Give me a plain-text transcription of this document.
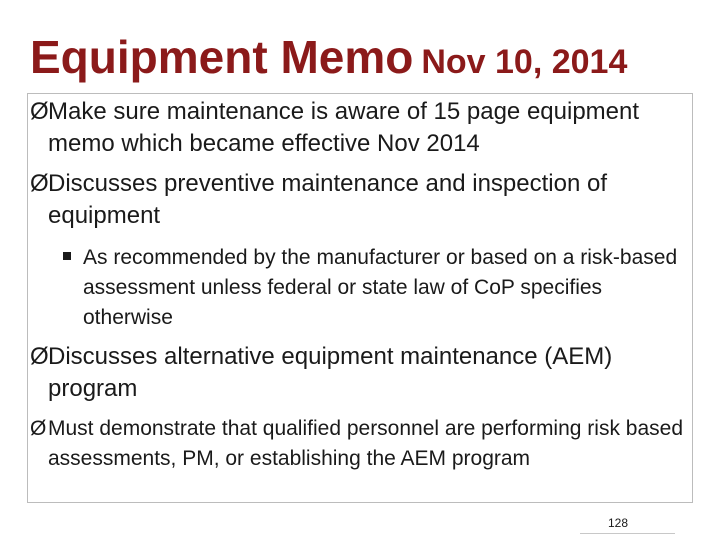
Equipment Memo Nov 10, 2014
Ø Make sure maintenance is aware of 15 page equipment memo which became effective Nov 2014
Ø Discusses preventive maintenance and inspection of equipment
As recommended by the manufacturer or based on a risk-based assessment unless federal or state law of CoP specifies otherwise
Ø Discusses alternative equipment maintenance (AEM) program
Ø Must demonstrate that qualified personnel are performing risk based assessments, PM, or establishing the AEM program
128
